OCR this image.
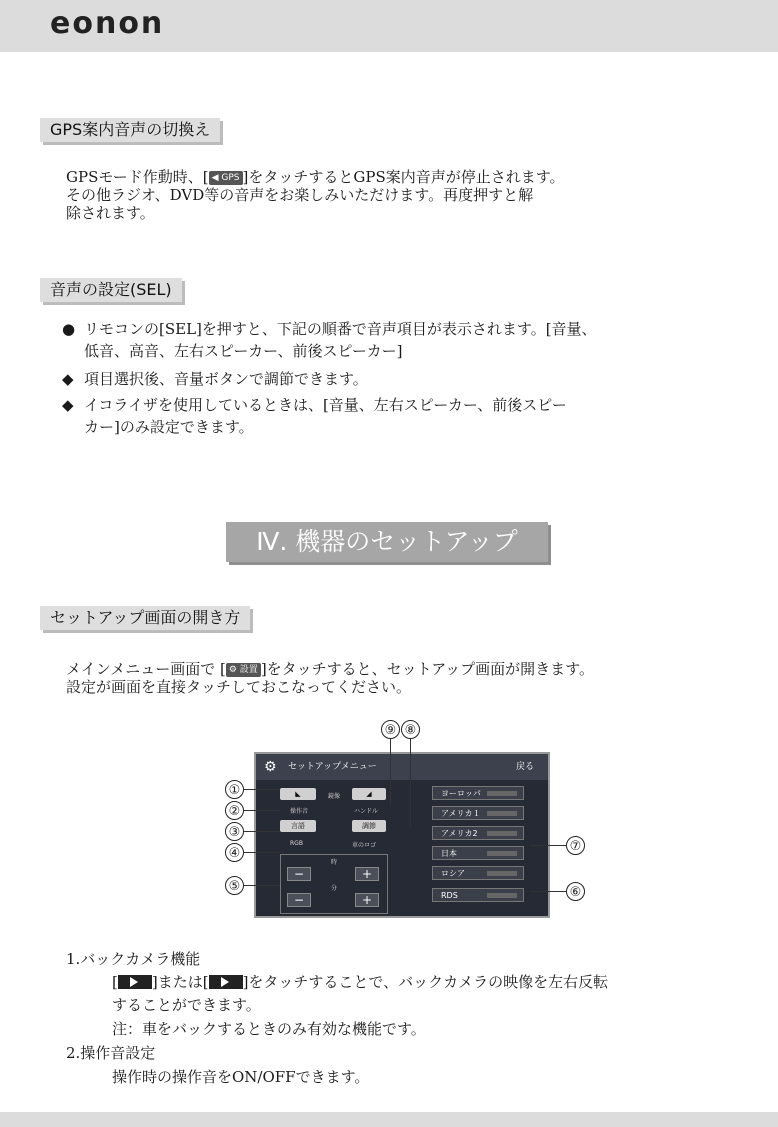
eonon
GPS案内音声の切換え
GPSモード作動時、[ ◀ GPS ]をタッチするとGPS案内音声が停止されます。
その他ラジオ、DVD等の音声をお楽しみいただけます。再度押すと解
除されます。
音声の設定(SEL)
● リモコンの[SEL]を押すと、下記の順番で音声項目が表示されます。[音量、
低音、高音、左右スピーカー、前後スピーカー]
◆ 項目選択後、音量ボタンで調節できます。
◆ イコライザを使用しているときは、[音量、左右スピーカー、前後スピー
カー]のみ設定できます。
Ⅳ. 機器のセットアップ
セットアップ画面の開き方
メインメニュー画面で [ ⚙ 設置 ]をタッチすると、セットアップ画面が開きます。
設定が画面を直接タッチしておこなってください。
⚙ セットアップメニュー	戻る
◣	鏡像	◢
操作音	ハンドル
言語	調節
RGB	車のロゴ
時
−	+
分
−	+
ヨーロッパ
アメリカ１
アメリカ2
日本
ロシア
RDS
⑨ ⑧
①
②
③
④
⑤	⑥
⑦
1.バックカメラ機能
[ ]または[ ]をタッチすることで、バックカメラの映像を左右反転
することができます。
注：車をバックするときのみ有効な機能です。
2.操作音設定
操作時の操作音をON/OFFできます。
